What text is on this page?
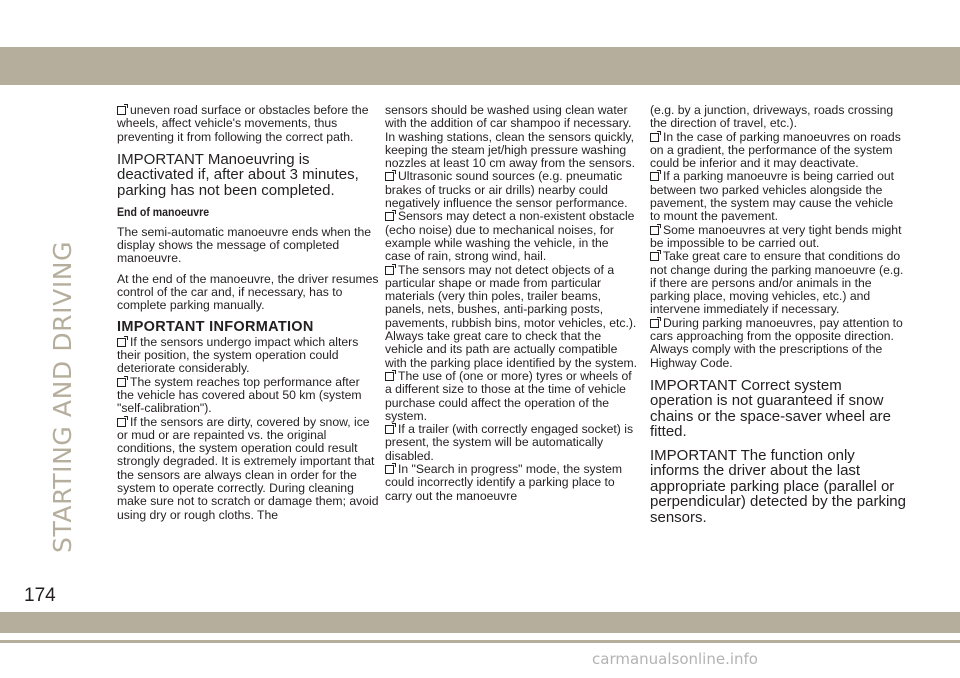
STARTING AND DRIVING
174

uneven road surface or obstacles before the wheels, affect vehicle's movements, thus preventing it from following the correct path.

IMPORTANT Manoeuvring is deactivated if, after about 3 minutes, parking has not been completed.

End of manoeuvre

The semi-automatic manoeuvre ends when the display shows the message of completed manoeuvre.

At the end of the manoeuvre, the driver resumes control of the car and, if necessary, has to complete parking manually.

IMPORTANT INFORMATION

If the sensors undergo impact which alters their position, the system operation could deteriorate considerably.

The system reaches top performance after the vehicle has covered about 50 km (system "self-calibration").

If the sensors are dirty, covered by snow, ice or mud or are repainted vs. the original conditions, the system operation could result strongly degraded. It is extremely important that the sensors are always clean in order for the system to operate correctly. During cleaning make sure not to scratch or damage them; avoid using dry or rough cloths. The

sensors should be washed using clean water with the addition of car shampoo if necessary. In washing stations, clean the sensors quickly, keeping the steam jet/high pressure washing nozzles at least 10 cm away from the sensors.

Ultrasonic sound sources (e.g. pneumatic brakes of trucks or air drills) nearby could negatively influence the sensor performance.

Sensors may detect a non-existent obstacle (echo noise) due to mechanical noises, for example while washing the vehicle, in the case of rain, strong wind, hail.

The sensors may not detect objects of a particular shape or made from particular materials (very thin poles, trailer beams, panels, nets, bushes, anti-parking posts, pavements, rubbish bins, motor vehicles, etc.). Always take great care to check that the vehicle and its path are actually compatible with the parking place identified by the system.

The use of (one or more) tyres or wheels of a different size to those at the time of vehicle purchase could affect the operation of the system.

If a trailer (with correctly engaged socket) is present, the system will be automatically disabled.

In "Search in progress" mode, the system could incorrectly identify a parking place to carry out the manoeuvre

(e.g. by a junction, driveways, roads crossing the direction of travel, etc.).

In the case of parking manoeuvres on roads on a gradient, the performance of the system could be inferior and it may deactivate.

If a parking manoeuvre is being carried out between two parked vehicles alongside the pavement, the system may cause the vehicle to mount the pavement.

Some manoeuvres at very tight bends might be impossible to be carried out.

Take great care to ensure that conditions do not change during the parking manoeuvre (e.g. if there are persons and/or animals in the parking place, moving vehicles, etc.) and intervene immediately if necessary.

During parking manoeuvres, pay attention to cars approaching from the opposite direction. Always comply with the prescriptions of the Highway Code.

IMPORTANT Correct system operation is not guaranteed if snow chains or the space-saver wheel are fitted.

IMPORTANT The function only informs the driver about the last appropriate parking place (parallel or perpendicular) detected by the parking sensors.

carmanualsonline.info
